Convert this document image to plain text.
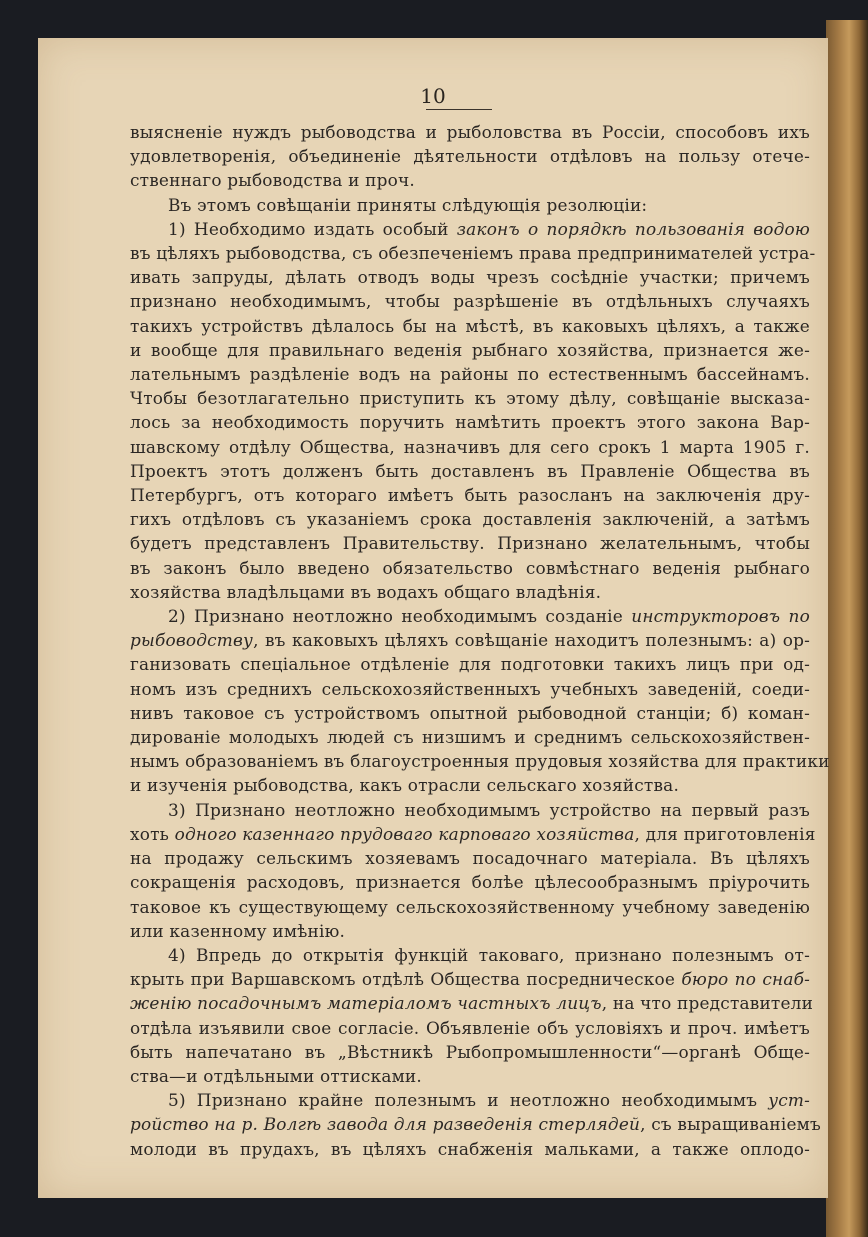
10
выясненіе нуждъ рыбоводства и рыболовства въ Россіи, способовъ ихъ
удовлетворенія, объединеніе дѣятельности отдѣловъ на пользу отече-
ственнаго рыбоводства и проч.
Въ этомъ совѣщаніи приняты слѣдующія резолюціи:
1) Необходимо издать особый законъ о порядкѣ пользованія водою
въ цѣляхъ рыбоводства, съ обезпеченіемъ права предпринимателей устра-
ивать запруды, дѣлать отводъ воды чрезъ сосѣдніе участки; причемъ
признано необходимымъ, чтобы разрѣшеніе въ отдѣльныхъ случаяхъ
такихъ устройствъ дѣлалось бы на мѣстѣ, въ каковыхъ цѣляхъ, а также
и вообще для правильнаго веденія рыбнаго хозяйства, признается же-
лательнымъ раздѣленіе водъ на районы по естественнымъ бассейнамъ.
Чтобы безотлагательно приступить къ этому дѣлу, совѣщаніе высказа-
лось за необходимость поручить намѣтить проектъ этого закона Вар-
шавскому отдѣлу Общества, назначивъ для сего срокъ 1 марта 1905 г.
Проектъ этотъ долженъ быть доставленъ въ Правленіе Общества въ
Петербургъ, отъ котораго имѣетъ быть разосланъ на заключенія дру-
гихъ отдѣловъ съ указаніемъ срока доставленія заключеній, а затѣмъ
будетъ представленъ Правительству. Признано желательнымъ, чтобы
въ законъ было введено обязательство совмѣстнаго веденія рыбнаго
хозяйства владѣльцами въ водахъ общаго владѣнія.
2) Признано неотложно необходимымъ созданіе инструкторовъ по
рыбоводству, въ каковыхъ цѣляхъ совѣщаніе находитъ полезнымъ: а) ор-
ганизовать спеціальное отдѣленіе для подготовки такихъ лицъ при од-
номъ изъ среднихъ сельскохозяйственныхъ учебныхъ заведеній, соеди-
нивъ таковое съ устройствомъ опытной рыбоводной станціи; б) коман-
дированіе молодыхъ людей съ низшимъ и среднимъ сельскохозяйствен-
нымъ образованіемъ въ благоустроенныя прудовыя хозяйства для практики
и изученія рыбоводства, какъ отрасли сельскаго хозяйства.
3) Признано неотложно необходимымъ устройство на первый разъ
хоть одного казеннаго прудоваго карповаго хозяйства, для приготовленія
на продажу сельскимъ хозяевамъ посадочнаго матеріала. Въ цѣляхъ
сокращенія расходовъ, признается болѣе цѣлесообразнымъ пріурочить
таковое къ существующему сельскохозяйственному учебному заведенію
или казенному имѣнію.
4) Впредь до открытія функцій таковаго, признано полезнымъ от-
крыть при Варшавскомъ отдѣлѣ Общества посредническое бюро по снаб-
женію посадочнымъ матеріаломъ частныхъ лицъ, на что представители
отдѣла изъявили свое согласіе. Объявленіе объ условіяхъ и проч. имѣетъ
быть напечатано въ „Вѣстникѣ Рыбопромышленности“—органѣ Обще-
ства—и отдѣльными оттисками.
5) Признано крайне полезнымъ и неотложно необходимымъ уст-
ройство на р. Волгѣ завода для разведенія стерлядей, съ выращиваніемъ
молоди въ прудахъ, въ цѣляхъ снабженія мальками, а также оплодо-
